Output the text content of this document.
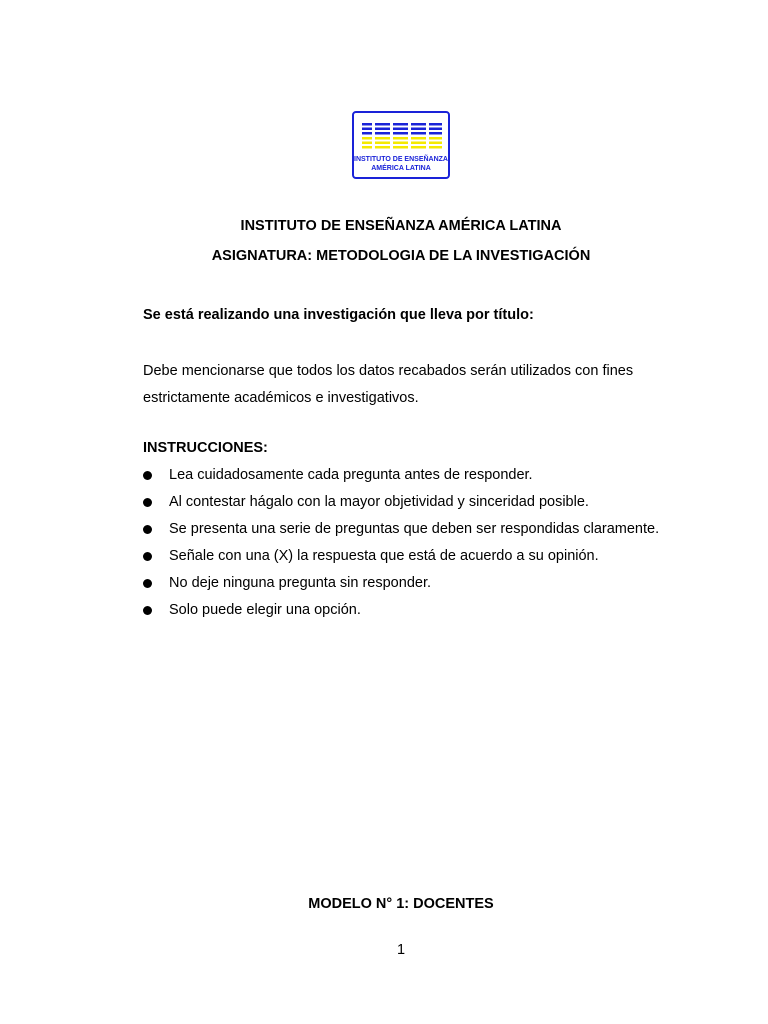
INSTITUTO DE ENSEÑANZA
AMÉRICA LATINA
INSTITUTO DE ENSEÑANZA AMÉRICA LATINA
ASIGNATURA: METODOLOGIA DE LA INVESTIGACIÓN
Se está realizando una investigación que lleva por título:
Debe mencionarse que todos los datos recabados serán utilizados con fines estrictamente académicos e investigativos.
INSTRUCCIONES:
Lea cuidadosamente cada pregunta antes de responder.
Al contestar hágalo con la mayor objetividad y sinceridad posible.
Se presenta una serie de preguntas que deben ser respondidas claramente.
Señale con una (X) la respuesta que está de acuerdo a su opinión.
No deje ninguna pregunta sin responder.
Solo puede elegir una opción.
MODELO N° 1: DOCENTES
1
